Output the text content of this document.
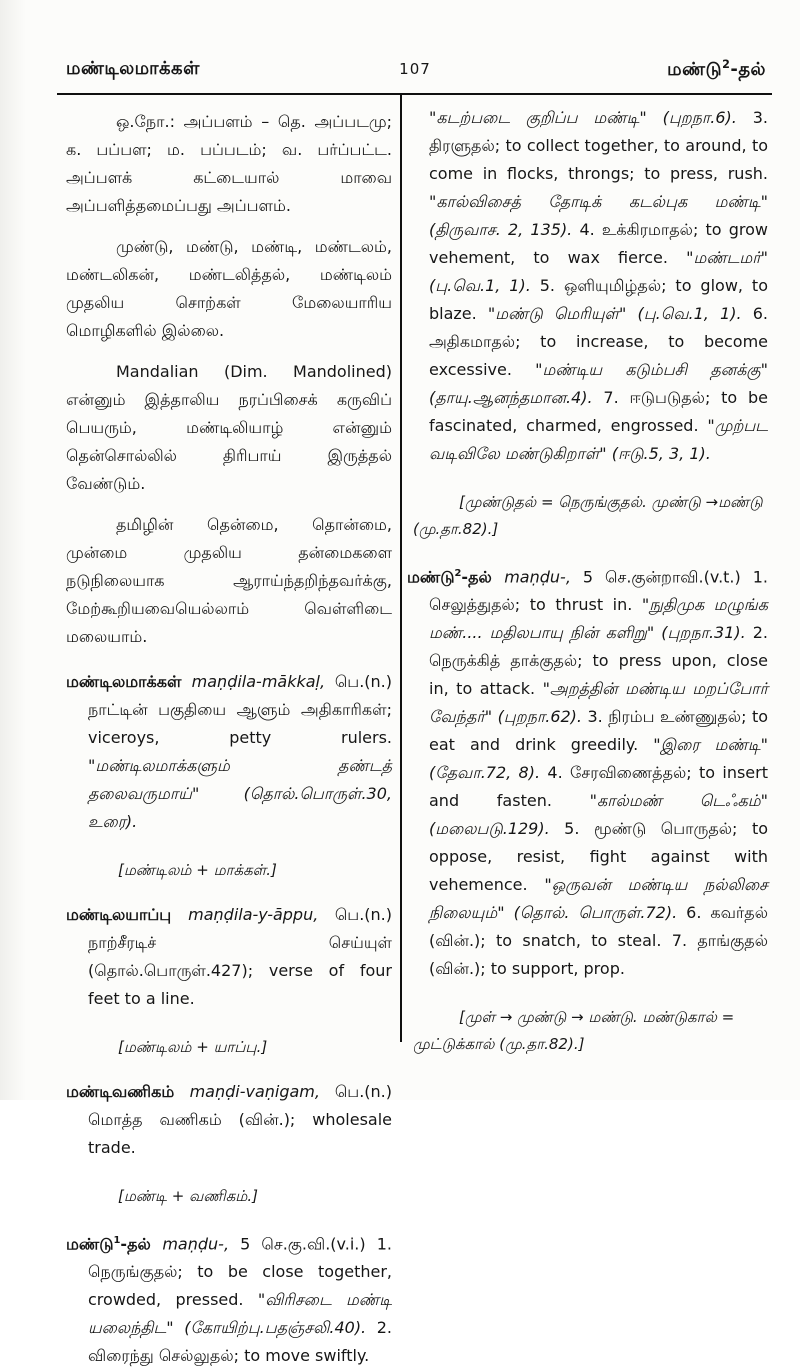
மண்டிலமாக்கள்	107	மண்டு$^2$-தல்

ஒ.நோ.: அப்பளம் – தெ. அப்படமு; க. பப்பள; ம. பப்படம்; வ. பர்ப்பட்ட. அப்பளக் கட்டையால் மாவை அப்பளித்தமைப்பது அப்பளம்.

முண்டு, மண்டு, மண்டி, மண்டலம், மண்டலிகன், மண்டலித்தல், மண்டிலம் முதலிய சொற்கள் மேலையாரிய மொழிகளில் இல்லை.

Mandalian (Dim. Mandolined) என்னும் இத்தாலிய நரப்பிசைக் கருவிப் பெயரும், மண்டிலியாழ் என்னும் தென்சொல்லில் திரிபாய் இருத்தல் வேண்டும்.

தமிழின் தென்மை, தொன்மை, முன்மை முதலிய தன்மைகளை நடுநிலையாக ஆராய்ந்தறிந்தவர்க்கு, மேற்கூறியவையெல்லாம் வெள்ளிடை மலையாம்.

மண்டிலமாக்கள் maṇḍila-mākkaḷ, பெ.(n.) நாட்டின் பகுதியை ஆளும் அதிகாரிகள்; viceroys, petty rulers. "மண்டிலமாக்களும் தண்டத் தலைவருமாய்" (தொல்.பொருள்.30, உரை).

[மண்டிலம் + மாக்கள்.]

மண்டிலயாப்பு maṇḍila-y-āppu, பெ.(n.) நாற்சீரடிச் செய்யுள் (தொல்.பொருள்.427); verse of four feet to a line.

[மண்டிலம் + யாப்பு.]

மண்டிவணிகம் maṇḍi-vaṇigam, பெ.(n.) மொத்த வணிகம் (வின்.); wholesale trade.

[மண்டி + வணிகம்.]

மண்டு$^1$-தல் maṇḍu-, 5 செ.கு.வி.(v.i.) 1. நெருங்குதல்; to be close together, crowded, pressed. "விரிசடை மண்டி யலைந்திட" (கோயிற்பு.பதஞ்சலி.40). 2. விரைந்து செல்லுதல்; to move swiftly.

"கடற்படை குறிப்ப மண்டி" (புறநா.6). 3. திரளுதல்; to collect together, to around, to come in flocks, throngs; to press, rush. "கால்விசைத் தோடிக் கடல்புக மண்டி" (திருவாச. 2, 135). 4. உக்கிரமாதல்; to grow vehement, to wax fierce. "மண்டமர்" (பு.வெ.1, 1). 5. ஒளியுமிழ்தல்; to glow, to blaze. "மண்டு மெரியுள்" (பு.வெ.1, 1). 6. அதிகமாதல்; to increase, to become excessive. "மண்டிய கடும்பசி தனக்கு" (தாயு.ஆனந்தமான.4). 7. ஈடுபடுதல்; to be fascinated, charmed, engrossed. "முற்பட வடிவிலே மண்டுகிறாள்" (ஈடு.5, 3, 1).

[முண்டுதல் = நெருங்குதல். முண்டு →மண்டு (மு.தா.82).]

மண்டு$^2$-தல் maṇḍu-, 5 செ.குன்றாவி.(v.t.) 1. செலுத்துதல்; to thrust in. "நுதிமுக மழுங்க மண்.... மதிலபாயு நின் களிறு" (புறநா.31). 2. நெருக்கித் தாக்குதல்; to press upon, close in, to attack. "அறத்தின் மண்டிய மறப்போர் வேந்தர்" (புறநா.62). 3. நிரம்ப உண்ணுதல்; to eat and drink greedily. "இரை மண்டி" (தேவா.72, 8). 4. சேரவிணைத்தல்; to insert and fasten. "கால்மண் டெஃகம்" (மலைபடு.129). 5. மூண்டு பொருதல்; to oppose, resist, fight against with vehemence. "ஒருவன் மண்டிய நல்லிசை நிலையும்" (தொல். பொருள்.72). 6. கவர்தல் (வின்.); to snatch, to steal. 7. தாங்குதல் (வின்.); to support, prop.

[முள் → முண்டு → மண்டு. மண்டுகால் = முட்டுக்கால் (மு.தா.82).]
